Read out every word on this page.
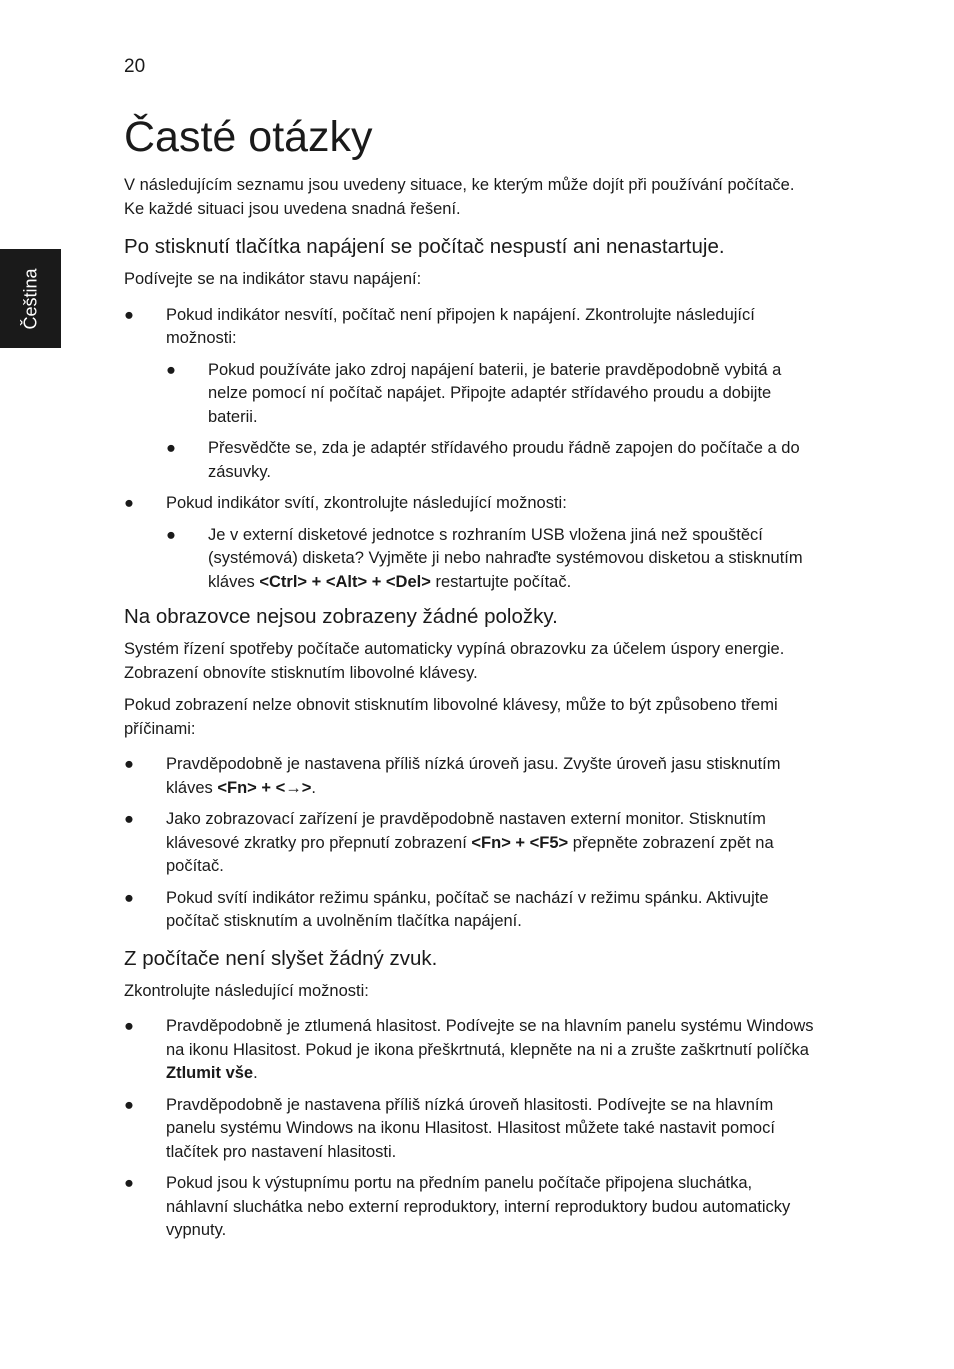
20
Čeština
Časté otázky

V následujícím seznamu jsou uvedeny situace, ke kterým může dojít při používání počítače. Ke každé situaci jsou uvedena snadná řešení.

Po stisknutí tlačítka napájení se počítač nespustí ani nenastartuje.

Podívejte se na indikátor stavu napájení:

● Pokud indikátor nesvítí, počítač není připojen k napájení. Zkontrolujte následující možnosti:
● Pokud používáte jako zdroj napájení baterii, je baterie pravděpodobně vybitá a nelze pomocí ní počítač napájet. Připojte adaptér střídavého proudu a dobijte baterii.
● Přesvědčte se, zda je adaptér střídavého proudu řádně zapojen do počítače a do zásuvky.
● Pokud indikátor svítí, zkontrolujte následující možnosti:
● Je v externí disketové jednotce s rozhraním USB vložena jiná než spouštěcí (systémová) disketa? Vyjměte ji nebo nahraďte systémovou disketou a stisknutím kláves <Ctrl> + <Alt> + <Del> restartujte počítač.
Na obrazovce nejsou zobrazeny žádné položky.

Systém řízení spotřeby počítače automaticky vypíná obrazovku za účelem úspory energie. Zobrazení obnovíte stisknutím libovolné klávesy.

Pokud zobrazení nelze obnovit stisknutím libovolné klávesy, může to být způsobeno třemi příčinami:

● Pravděpodobně je nastavena příliš nízká úroveň jasu. Zvyšte úroveň jasu stisknutím kláves <Fn> + <→>.
● Jako zobrazovací zařízení je pravděpodobně nastaven externí monitor. Stisknutím klávesové zkratky pro přepnutí zobrazení <Fn> + <F5> přepněte zobrazení zpět na počítač.
● Pokud svítí indikátor režimu spánku, počítač se nachází v režimu spánku. Aktivujte počítač stisknutím a uvolněním tlačítka napájení.
Z počítače není slyšet žádný zvuk.

Zkontrolujte následující možnosti:

● Pravděpodobně je ztlumená hlasitost. Podívejte se na hlavním panelu systému Windows na ikonu Hlasitost. Pokud je ikona přeškrtnutá, klepněte na ni a zrušte zaškrtnutí políčka Ztlumit vše.
● Pravděpodobně je nastavena příliš nízká úroveň hlasitosti. Podívejte se na hlavním panelu systému Windows na ikonu Hlasitost. Hlasitost můžete také nastavit pomocí tlačítek pro nastavení hlasitosti.
● Pokud jsou k výstupnímu portu na předním panelu počítače připojena sluchátka, náhlavní sluchátka nebo externí reproduktory, interní reproduktory budou automaticky vypnuty.
